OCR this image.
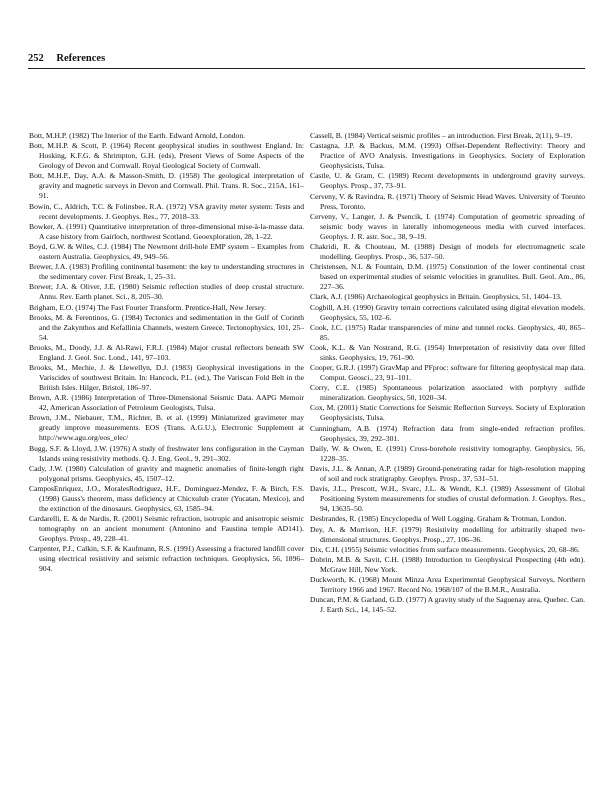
252 References

Bott, M.H.P. (1982) The Interior of the Earth. Edward Arnold, London.

Bott, M.H.P. & Scott, P. (1964) Recent geophysical studies in southwest England. In: Hosking, K.F.G. & Shrimpton, G.H. (eds), Present Views of Some Aspects of the Geology of Devon and Cornwall. Royal Geological Society of Cornwall.

Bott, M.H.P., Day, A.A. & Masson-Smith, D. (1958) The geological interpretation of gravity and magnetic surveys in Devon and Cornwall. Phil. Trans. R. Soc., 215A, 161–91.

Bowin, C., Aldrich, T.C. & Folinsbee, R.A. (1972) VSA gravity meter system: Tests and recent developments. J. Geophys. Res., 77, 2018–33.

Bowker, A. (1991) Quantitative interpretation of three-dimensional mise-à-la-masse data. A case history from Gairloch, northwest Scotland. Geoexploration, 28, 1–22.

Boyd, G.W. & Wiles, C.J. (1984) The Newmont drill-hole EMP system – Examples from eastern Australia. Geophysics, 49, 949–56.

Brewer, J.A. (1983) Profiling continental basement: the key to understanding structures in the sedimentary cover. First Break, 1, 25–31.

Brewer, J.A. & Oliver, J.E. (1980) Seismic reflection studies of deep crustal structure. Annu. Rev. Earth planet. Sci., 8, 205–30.

Brigham, E.O. (1974) The Fast Fourier Transform. Prentice-Hall, New Jersey.

Brooks, M. & Ferentinos, G. (1984) Tectonics and sedimentation in the Gulf of Corinth and the Zakynthos and Kefallinia Channels, western Greece. Tectonophysics, 101, 25–54.

Brooks, M., Doody, J.J. & Al-Rawi, F.R.J. (1984) Major crustal reflectors beneath SW England. J. Geol. Soc. Lond., 141, 97–103.

Brooks, M., Mechie, J. & Llewellyn, D.J. (1983) Geophysical investigations in the Variscides of southwest Britain. In: Hancock, P.L. (ed.), The Variscan Fold Belt in the British Isles. Hilger, Bristol, 186–97.

Brown, A.R. (1986) Interpretation of Three-Dimensional Seismic Data. AAPG Memoir 42, American Association of Petroleum Geologists, Tulsa.

Brown, J.M., Niebauer, T.M., Richter, B. et al. (1999) Miniaturized gravimeter may greatly improve measurements. EOS (Trans. A.G.U.), Electronic Supplement at http://www.agu.org/eos_elec/

Bugg, S.F. & Lloyd, J.W. (1976) A study of freshwater lens configuration in the Cayman Islands using resistivity methods. Q. J. Eng. Geol., 9, 291–302.

Cady, J.W. (1980) Calculation of gravity and magnetic anomalies of finite-length right polygonal prisms. Geophysics, 45, 1507–12.

CamposEnriquez, J.O., MoralesRodriguez, H.F., Dominguez-Mendez, F. & Birch, F.S. (1998) Gauss's theorem, mass deficiency at Chicxulub crater (Yucatan, Mexico), and the extinction of the dinosaurs. Geophysics, 63, 1585–94.

Cardarelli, E. & de Nardis, R. (2001) Seismic refraction, isotropic and anisotropic seismic tomography on an ancient monument (Antonino and Faustina temple AD141). Geophys. Prosp., 49, 228–41.

Carpenter, P.J., Calkin, S.F. & Kaufmann, R.S. (1991) Assessing a fractured landfill cover using electrical resistivity and seismic refraction techniques. Geophysics, 56, 1896–904.

Cassell, B. (1984) Vertical seismic profiles – an introduction. First Break, 2(11), 9–19.

Castagna, J.P. & Backus, M.M. (1993) Offset-Dependent Reflectivity: Theory and Practice of AVO Analysis. Investigations in Geophysics. Society of Exploration Geophysicists, Tulsa.

Castle, U. & Gram, C. (1989) Recent developments in underground gravity surveys. Geophys. Prosp., 37, 73–91.

Cerveny, V. & Ravindra, R. (1971) Theory of Seismic Head Waves. University of Toronto Press, Toronto.

Cerveny, V., Langer, J. & Psencik, I. (1974) Computation of geometric spreading of seismic body waves in laterally inhomogeneous media with curved interfaces. Geophys. J. R. astr. Soc., 38, 9–19.

Chakridi, R. & Chouteau, M. (1988) Design of models for electromagnetic scale modelling. Geophys. Prosp., 36, 537–50.

Christensen, N.I. & Fountain, D.M. (1975) Constitution of the lower continental crust based on experimental studies of seismic velocities in granulites. Bull. Geol. Am., 86, 227–36.

Clark, A.J. (1986) Archaeological geophysics in Britain. Geophysics, 51, 1404–13.

Cogbill, A.H. (1990) Gravity terrain corrections calculated using digital elevation models. Geophysics, 55, 102–6.

Cook, J.C. (1975) Radar transparencies of mine and tunnel rocks. Geophysics, 40, 865–85.

Cook, K.L. & Van Nostrand, R.G. (1954) Interpretation of resistivity data over filled sinks. Geophysics, 19, 761–90.

Cooper, G.R.J. (1997) GravMap and PFproc: software for filtering geophysical map data. Comput. Geosci., 23, 91–101.

Corry, C.E. (1985) Spontaneous polarization associated with porphyry sulfide mineralization. Geophysics, 50, 1020–34.

Cox, M. (2001) Static Corrections for Seismic Reflection Surveys. Society of Exploration Geophysicists, Tulsa.

Cunningham, A.B. (1974) Refraction data from single-ended refraction profiles. Geophysics, 39, 292–301.

Daily, W. & Owen, E. (1991) Cross-borehole resistivity tomography. Geophysics, 56, 1228–35.

Davis, J.L. & Annan, A.P. (1989) Ground-penetrating radar for high-resolution mapping of soil and rock stratigraphy. Geophys. Prosp., 37, 531–51.

Davis, J.L., Prescott, W.H., Svarc, J.L. & Wendt, K.J. (1989) Assessment of Global Positioning System measurements for studies of crustal deformation. J. Geophys. Res., 94, 13635–50.

Desbrandes, R. (1985) Encyclopedia of Well Logging. Graham & Trotman, London.

Dey, A. & Morrison, H.F. (1979) Resistivity modelling for arbitrarily shaped two-dimensional structures. Geophys. Prosp., 27, 106–36.

Dix, C.H. (1955) Seismic velocities from surface measurements. Geophysics, 20, 68–86.

Dobrin, M.B. & Savit, C.H. (1988) Introduction to Geophysical Prospecting (4th edn). McGraw Hill, New York.

Duckworth, K. (1968) Mount Minza Area Experimental Geophysical Surveys, Northern Territory 1966 and 1967. Record No. 1968/107 of the B.M.R., Australia.

Duncan, P.M. & Garland, G.D. (1977) A gravity study of the Saguenay area, Quebec. Can. J. Earth Sci., 14, 145–52.
